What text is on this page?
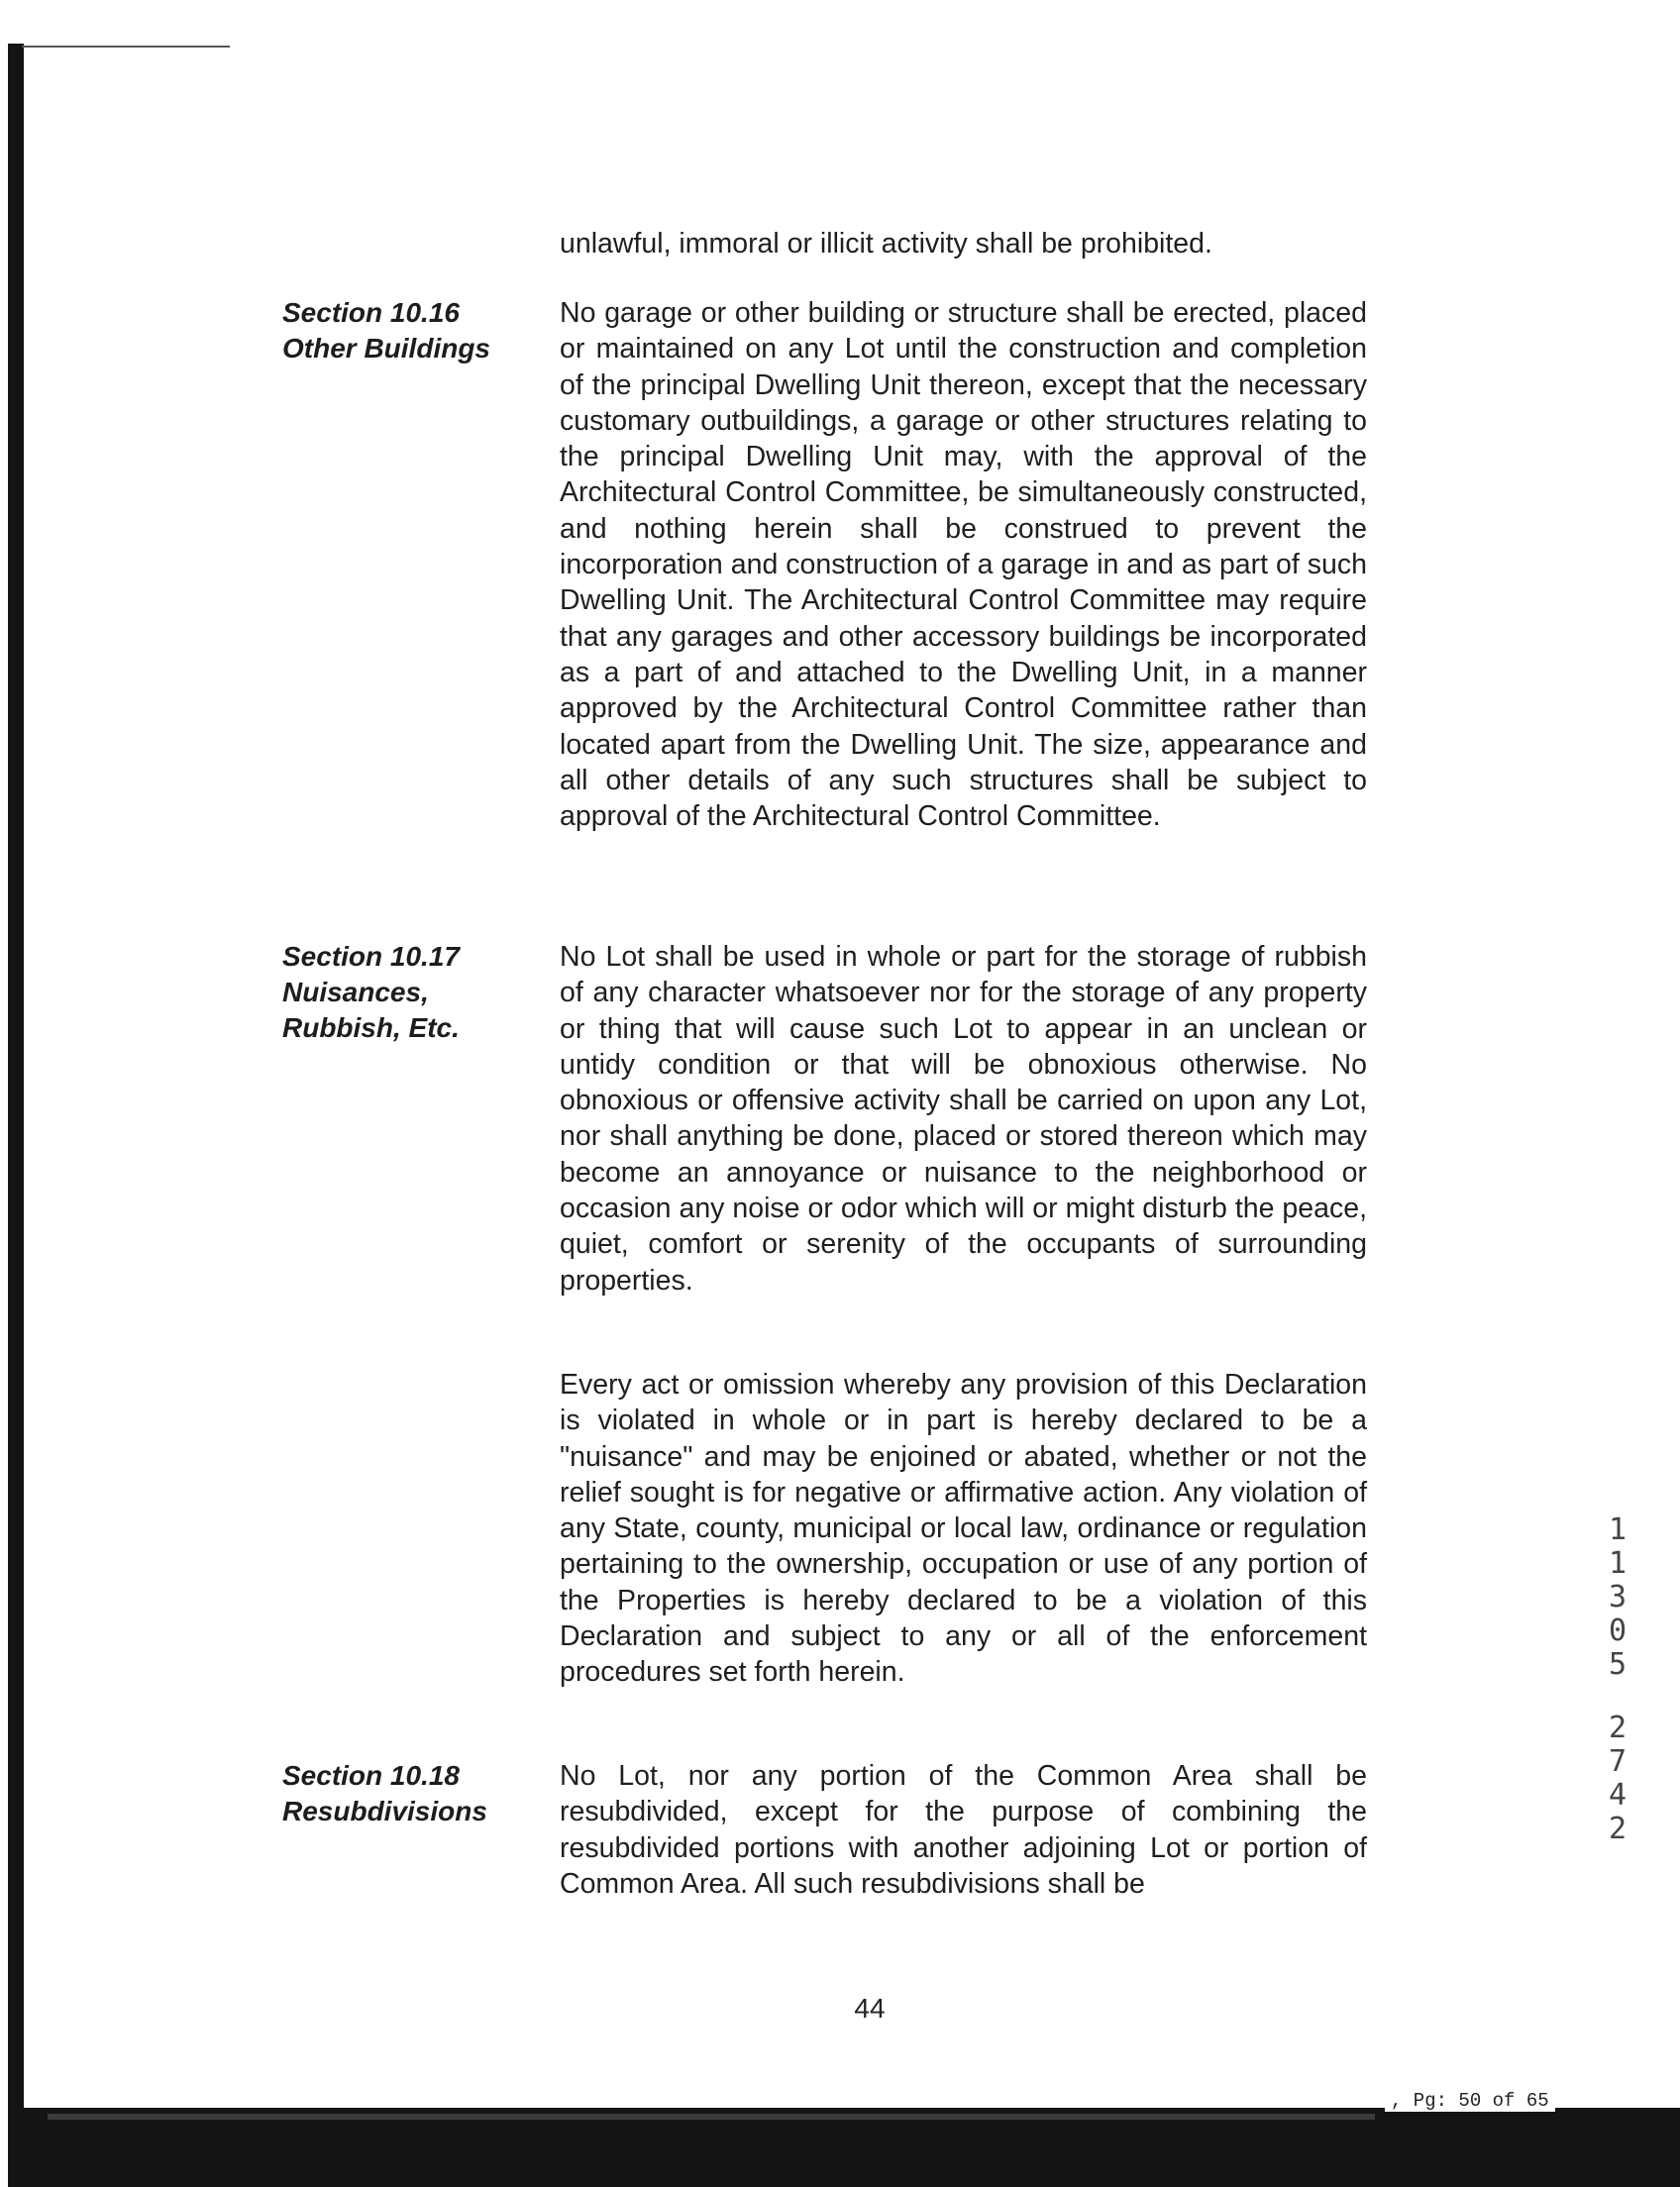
unlawful, immoral or illicit activity shall be prohibited.
Section 10.16
Other Buildings
No garage or other building or structure shall be erected, placed or maintained on any Lot until the construction and completion of the principal Dwelling Unit thereon, except that the necessary customary outbuildings, a garage or other structures relating to the principal Dwelling Unit may, with the approval of the Architectural Control Committee, be simultaneously constructed, and nothing herein shall be construed to prevent the incorporation and construction of a garage in and as part of such Dwelling Unit. The Architectural Control Committee may require that any garages and other accessory buildings be incorporated as a part of and attached to the Dwelling Unit, in a manner approved by the Architectural Control Committee rather than located apart from the Dwelling Unit. The size, appearance and all other details of any such structures shall be subject to approval of the Architectural Control Committee.
Section 10.17
Nuisances,
Rubbish, Etc.
No Lot shall be used in whole or part for the storage of rubbish of any character whatsoever nor for the storage of any property or thing that will cause such Lot to appear in an unclean or untidy condition or that will be obnoxious otherwise. No obnoxious or offensive activity shall be carried on upon any Lot, nor shall anything be done, placed or stored thereon which may become an annoyance or nuisance to the neighborhood or occasion any noise or odor which will or might disturb the peace, quiet, comfort or serenity of the occupants of surrounding properties.
Every act or omission whereby any provision of this Declaration is violated in whole or in part is hereby declared to be a "nuisance" and may be enjoined or abated, whether or not the relief sought is for negative or affirmative action. Any violation of any State, county, municipal or local law, ordinance or regulation pertaining to the ownership, occupation or use of any portion of the Properties is hereby declared to be a violation of this Declaration and subject to any or all of the enforcement procedures set forth herein.
Section 10.18
Resubdivisions
No Lot, nor any portion of the Common Area shall be resubdivided, except for the purpose of combining the resubdivided portions with another adjoining Lot or portion of Common Area. All such resubdivisions shall be
44
1
1
3
0
5
2
7
4
2
, Pg: 50 of 65
